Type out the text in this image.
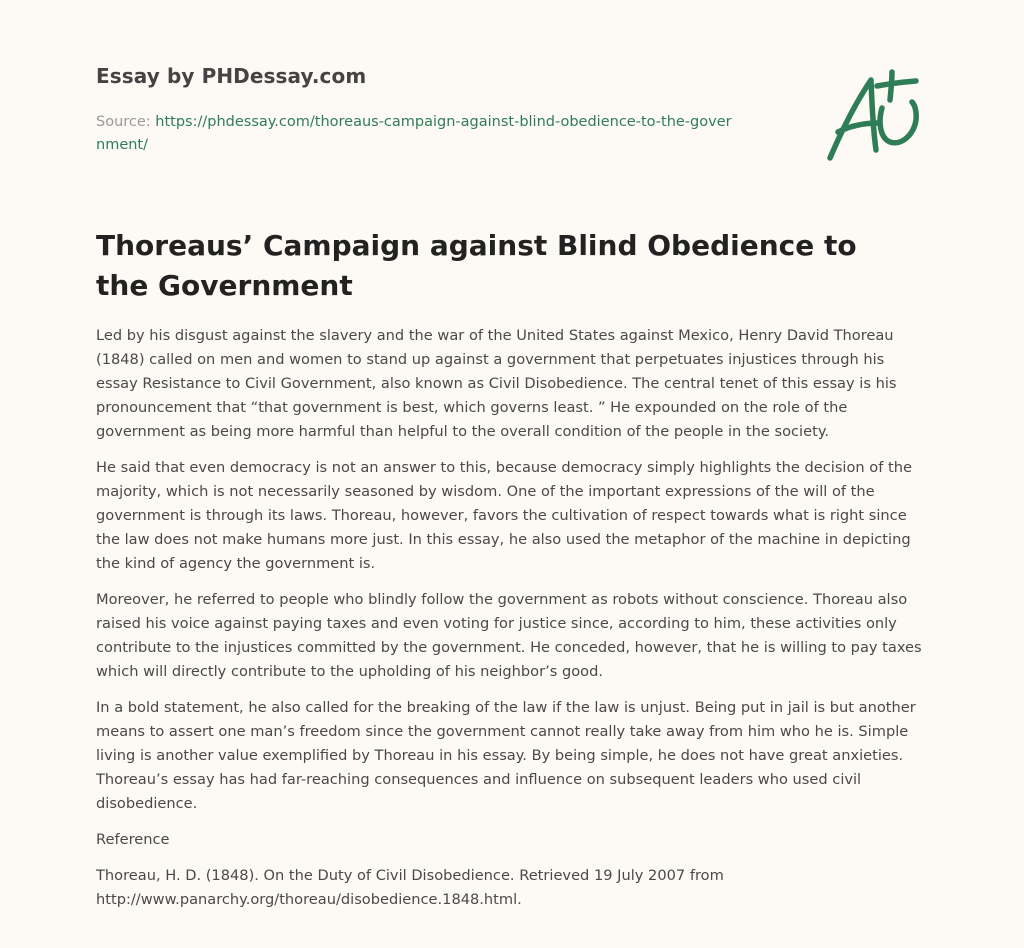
Essay by PHDessay.com
Source: https://phdessay.com/thoreaus-campaign-against-blind-obedience-to-the-government/
Thoreaus’ Campaign against Blind Obedience to the Government

Led by his disgust against the slavery and the war of the United States against Mexico, Henry David Thoreau (1848) called on men and women to stand up against a government that perpetuates injustices through his essay Resistance to Civil Government, also known as Civil Disobedience. The central tenet of this essay is his pronouncement that “that government is best, which governs least. ” He expounded on the role of the government as being more harmful than helpful to the overall condition of the people in the society.

He said that even democracy is not an answer to this, because democracy simply highlights the decision of the majority, which is not necessarily seasoned by wisdom. One of the important expressions of the will of the government is through its laws. Thoreau, however, favors the cultivation of respect towards what is right since the law does not make humans more just. In this essay, he also used the metaphor of the machine in depicting the kind of agency the government is.

Moreover, he referred to people who blindly follow the government as robots without conscience. Thoreau also raised his voice against paying taxes and even voting for justice since, according to him, these activities only contribute to the injustices committed by the government. He conceded, however, that he is willing to pay taxes which will directly contribute to the upholding of his neighbor’s good.

In a bold statement, he also called for the breaking of the law if the law is unjust. Being put in jail is but another means to assert one man’s freedom since the government cannot really take away from him who he is. Simple living is another value exemplified by Thoreau in his essay. By being simple, he does not have great anxieties. Thoreau’s essay has had far-reaching consequences and influence on subsequent leaders who used civil disobedience.

Reference

Thoreau, H. D. (1848). On the Duty of Civil Disobedience. Retrieved 19 July 2007 from http://www.panarchy.org/thoreau/disobedience.1848.html.
